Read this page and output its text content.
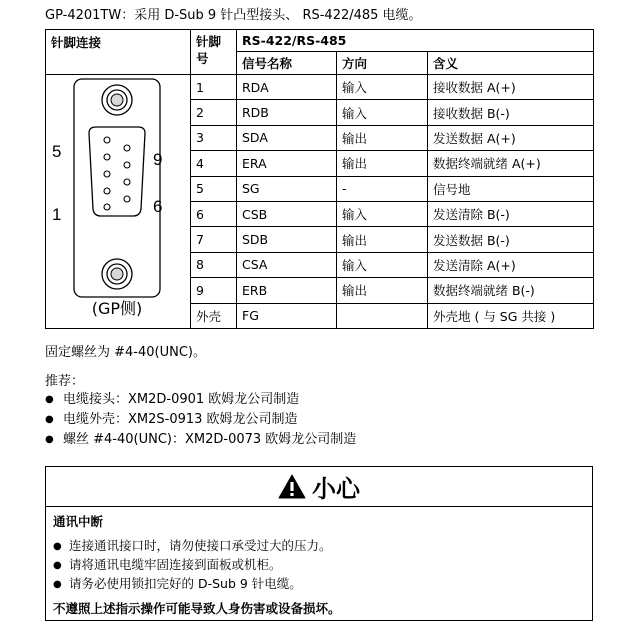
GP-4201TW：采用 D-Sub 9 针凸型接头、 RS-422/485 电缆。
针脚连接	针脚号	RS-422/RS-485		
		信号名称	方向	含义

5 9
1 6
(GP侧)	1	RDA	输入	接收数据 A(+)
	2	RDB	输入	接收数据 B(-)
	3	SDA	输出	发送数据 A(+)
	4	ERA	输出	数据终端就绪 A(+)
	5	SG	-	信号地
	6	CSB	输入	发送清除 B(-)
	7	SDB	输出	发送数据 B(-)
	8	CSA	输入	发送清除 A(+)
	9	ERB	输出	数据终端就绪 B(-)
	外壳	FG		外壳地 ( 与 SG 共接 )
固定螺丝为 #4-40(UNC)。
推荐：
● 电缆接头：XM2D-0901 欧姆龙公司制造
● 电缆外壳：XM2S-0913 欧姆龙公司制造
● 螺丝 #4-40(UNC)：XM2D-0073 欧姆龙公司制造
小心
通讯中断
● 连接通讯接口时，请勿使接口承受过大的压力。
● 请将通讯电缆牢固连接到面板或机柜。
● 请务必使用锁扣完好的 D-Sub 9 针电缆。
不遵照上述指示操作可能导致人身伤害或设备损坏。
